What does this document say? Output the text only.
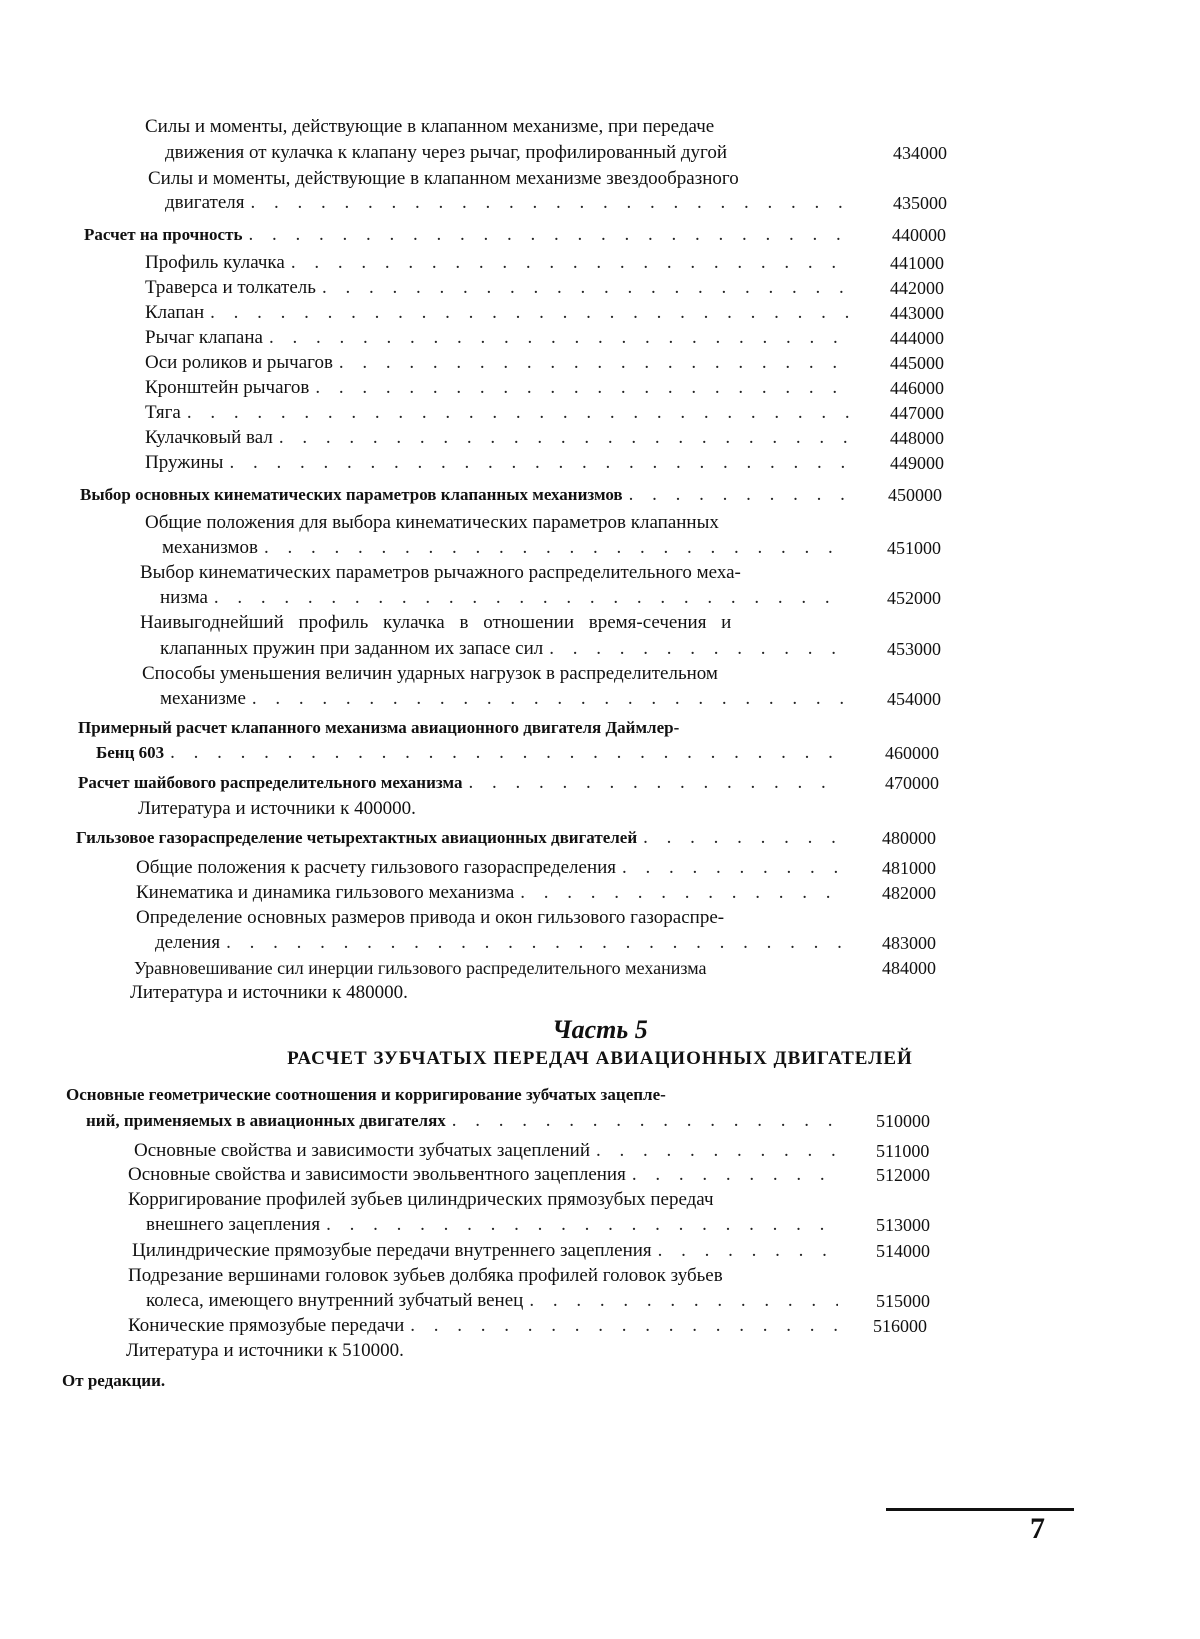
Силы и моменты, действующие в клапанном механизме, при передаче
движения от кулачка к клапану через рычаг, профилированный дугой	434000
Силы и моменты, действующие в клапанном механизме звездообразного
двигателя . . .	435000
Расчет на прочность . . .	440000
Профиль кулачка . . .	441000
Траверса и толкатель . . .	442000
Клапан . . .	443000
Рычаг клапана . . .	444000
Оси роликов и рычагов . . .	445000
Кронштейн рычагов . . .	446000
Тяга . . .	447000
Кулачковый вал . . .	448000
Пружины . . .	449000
Выбор основных кинематических параметров клапанных механизмов . . .	450000
Общие положения для выбора кинематических параметров клапанных
механизмов . . .	451000
Выбор кинематических параметров рычажного распределительного меха-
низма . . .	452000
Наивыгоднейший профиль кулачка в отношении время-сечения и
клапанных пружин при заданном их запасе сил . . .	453000
Способы уменьшения величин ударных нагрузок в распределительном
механизме . . .	454000
Примерный расчет клапанного механизма авиационного двигателя Даймлер-
Бенц 603 . . .	460000
Расчет шайбового распределительного механизма . . .	470000
Литература и источники к 400000.
Гильзовое газораспределение четырехтактных авиационных двигателей . . .	480000
Общие положения к расчету гильзового газораспределения . . .	481000
Кинематика и динамика гильзового механизма . . .	482000
Определение основных размеров привода и окон гильзового газораспре-
деления . . .	483000
Уравновешивание сил инерции гильзового распределительного механизма	484000
Литература и источники к 480000.
Часть 5
РАСЧЕТ ЗУБЧАТЫХ ПЕРЕДАЧ АВИАЦИОННЫХ ДВИГАТЕЛЕЙ
Основные геометрические соотношения и корригирование зубчатых зацепле-
ний, применяемых в авиационных двигателях . . .	510000
Основные свойства и зависимости зубчатых зацеплений . . .	511000
Основные свойства и зависимости эвольвентного зацепления . . .	512000
Корригирование профилей зубьев цилиндрических прямозубых передач
внешнего зацепления . . .	513000
Цилиндрические прямозубые передачи внутреннего зацепления . . .	514000
Подрезание вершинами головок зубьев долбяка профилей головок зубьев
колеса, имеющего внутренний зубчатый венец . . .	515000
Конические прямозубые передачи . . .	516000
Литература и источники к 510000.
От редакции.
7
